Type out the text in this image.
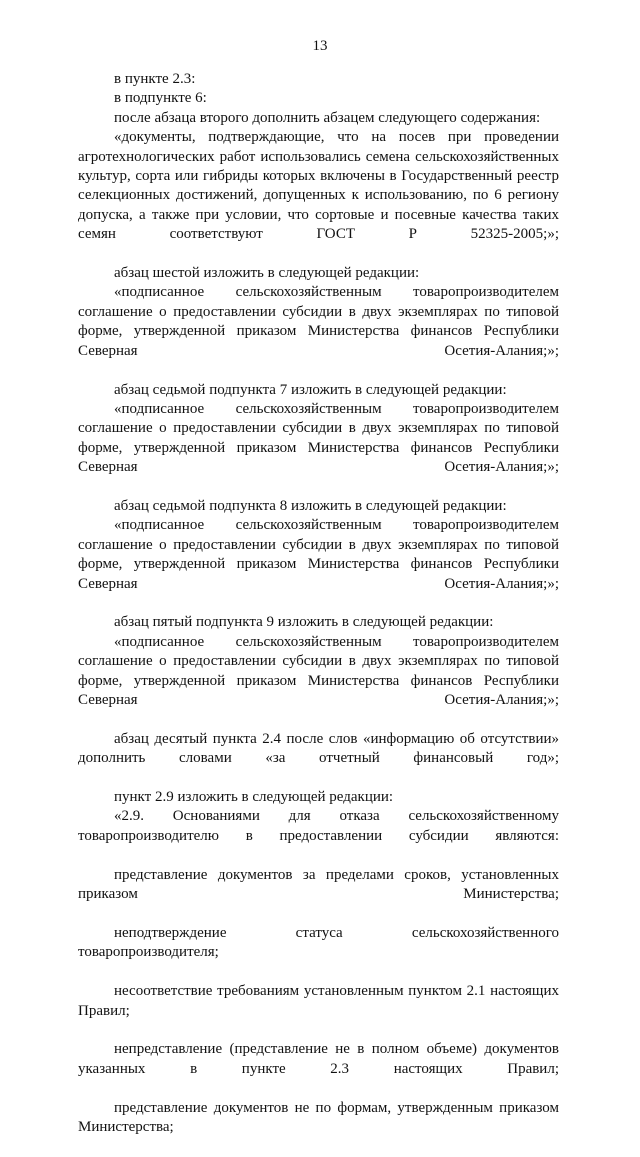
13

в пункте 2.3:

в подпункте 6:

после абзаца второго дополнить абзацем следующего содержания:

«документы, подтверждающие, что на посев при проведении агротехнологических работ использовались семена сельскохозяйственных культур, сорта или гибриды которых включены в Государственный реестр селекционных достижений, допущенных к использованию, по 6 региону допуска, а также при условии, что сортовые и посевные качества таких семян соответствуют ГОСТ Р 52325-2005;»;

абзац шестой изложить в следующей редакции:

«подписанное сельскохозяйственным товаропроизводителем соглашение о предоставлении субсидии в двух экземплярах по типовой форме, утвержденной приказом Министерства финансов Республики Северная Осетия-Алания;»;

абзац седьмой подпункта 7 изложить в следующей редакции:

«подписанное сельскохозяйственным товаропроизводителем соглашение о предоставлении субсидии в двух экземплярах по типовой форме, утвержденной приказом Министерства финансов Республики Северная Осетия-Алания;»;

абзац седьмой подпункта 8 изложить в следующей редакции:

«подписанное сельскохозяйственным товаропроизводителем соглашение о предоставлении субсидии в двух экземплярах по типовой форме, утвержденной приказом Министерства финансов Республики Северная Осетия-Алания;»;

абзац пятый подпункта 9 изложить в следующей редакции:

«подписанное сельскохозяйственным товаропроизводителем соглашение о предоставлении субсидии в двух экземплярах по типовой форме, утвержденной приказом Министерства финансов Республики Северная Осетия-Алания;»;

абзац десятый пункта 2.4 после слов «информацию об отсутствии» дополнить словами «за отчетный финансовый год»;

пункт 2.9 изложить в следующей редакции:

«2.9. Основаниями для отказа сельскохозяйственному товаропроизводителю в предоставлении субсидии являются:

представление документов за пределами сроков, установленных приказом Министерства;

неподтверждение статуса сельскохозяйственного товаропроизводителя;

несоответствие требованиям установленным пунктом 2.1 настоящих Правил;

непредставление (представление не в полном объеме) документов указанных в пункте 2.3 настоящих Правил;

представление документов не по формам, утвержденным приказом Министерства;
